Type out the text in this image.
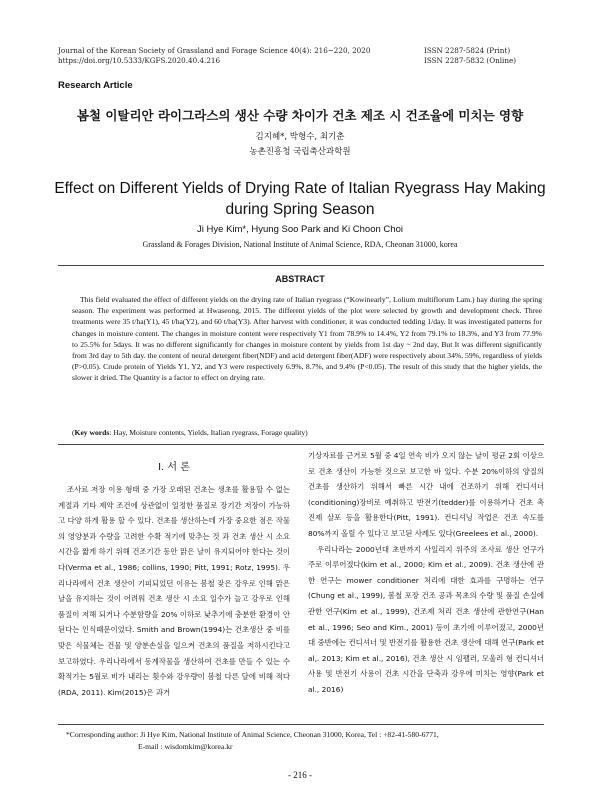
Journal of the Korean Society of Grassland and Forage Science 40(4): 216~220, 2020
https://doi.org/10.5333/KGFS.2020.40.4.216
ISSN 2287-5824 (Print)
ISSN 2287-5832 (Online)
Research Article
봄철 이탈리안 라이그라스의 생산 수량 차이가 건초 제조 시 건조율에 미치는 영향
김지혜*, 박형수, 최기춘
농촌진흥청 국립축산과학원
Effect on Different Yields of Drying Rate of Italian Ryegrass Hay Making during Spring Season
Ji Hye Kim*, Hyung Soo Park and Ki Choon Choi
Grassland & Forages Division, National Institute of Animal Science, RDA, Cheonan 31000, korea
ABSTRACT
This field evaluated the effect of different yields on the drying rate of Italian ryegrass (“Kowinearly”, Lolium multiflorum Lam.) hay during the spring season. The experiment was performed at Hwaseong, 2015. The different yields of the plot were selected by growth and development check. Three treatments were 35 t/ha(Y1), 45 t/ha(Y2), and 60 t/ha(Y3). After harvest with conditioner, it was conducted tedding 1/day. It was investigated patterns for changes in moisture content. The changes in moisture content were respectively Y1 from 78.9% to 14.4%, Y2 from 79.1% to 18.3%, and Y3 from 77.9% to 25.5% for 5days. It was no different significantly for changes in moisture content by yields from 1st day ~ 2nd day, But It was different significantly from 3rd day to 5th day. the content of neural detergent fiber(NDF) and acid detergent fiber(ADF) were respectively about 34%, 59%, regardless of yields (P>0.05). Crude protein of Yields Y1, Y2, and Y3 were respectively 6.9%, 8.7%, and 9.4% (P<0.05). The result of this study that the higher yields, the slower it dried. The Quantity is a factor to effect on drying rate.
(Key words: Hay, Moisture contents, Yields, Italian ryegrass, Forage quality)
Ⅰ. 서 론
조사료 저장 이용 형태 중 가장 오래된 건초는 생초를 활용할 수 없는 계절과 기타 제약 조건에 상관없이 일정한 품질로 장기간 저장이 가능하고 다양 하게 활용 할 수 있다. 건초를 생산하는데 가장 중요한 점은 작물의 영양분과 수량을 고려한 수확 적기에 맞추는 것 과 건초 생산 시 소요 시간을 짧게 하기 위해 건조기간 동안 맑은 날이 유지되어야 한다는 것이다(Verma et al., 1986; collins, 1990; Pitt, 1991; Rotz, 1995). 우리나라에서 건초 생산이 기피되었던 이유는 봄철 잦은 강우로 인해 맑은 날을 유지하는 것이 어려워 건초 생산 시 소요 일수가 늘고 강우로 인해 품질이 저해 되거나 수분함량을 20% 이하로 낮추기에 충분한 환경이 안된다는 인식때문이었다. Smith and Brown(1994)는 건초생산 중 비를 맞은 식물체는 건물 및 양분손실을 일으켜 건초의 품질을 저하시킨다고 보고하였다. 우리나라에서 동계작물을 생산하여 건초를 만들 수 있는 수확적기는 5월로 비가 내리는 횟수와 강우량이 봄철 다른 달에 비해 적다(RDA, 2011). Kim(2015)은 과거

기상자료를 근거로 5월 중 4일 연속 비가 오지 않는 날이 평균 2회 이상으로 건초 생산이 가능한 것으로 보고한 바 있다. 수분 20%이하의 양질의 건초를 생산하기 위해서 빠른 시간 내에 건조하기 위해 컨디셔너(conditioning)장비로 예취하고 반전기(tedder)를 이용하거나 건초 촉진제 살포 등을 활용한다(Pitt, 1991). 컨디셔닝 작업은 건조 속도를 80%까지 올릴 수 있다고 보고된 사례도 있다(Greelees et al., 2000).

우리나라는 2000년대 초반까지 사일리지 위주의 조사료 생산 연구가 주로 이루어졌다(kim et al., 2000; Kim et al., 2009). 건초 생산에 관한 연구는 mower conditioner 처리에 대한 효과를 구명하는 연구(Chung et al., 1999), 봄철 포장 건조 공과 목초의 수량 및 품질 손실에 관한 연구(Kim et al., 1999), 건조제 처리 건초 생산에 관한연구(Han et al., 1996; Seo and Kim., 2001) 등이 초기에 이루어졌고, 2000년대 중반에는 컨디셔너 및 반전기를 활용한 건초 생산에 대해 연구(Park et al,. 2013; Kim et al., 2016), 건초 생산 시 임팰러, 모울러 형 컨디셔너 사용 및 반전기 사용이 건초 시간을 단축과 강우에 미치는 영향(Park et al., 2016)

*Corresponding author: Ji Hye Kim, National Institute of Animal Science, Cheonan 31000, Korea, Tel : +82-41-580-6771,
E-mail : wisdomkim@korea.kr
- 216 -
